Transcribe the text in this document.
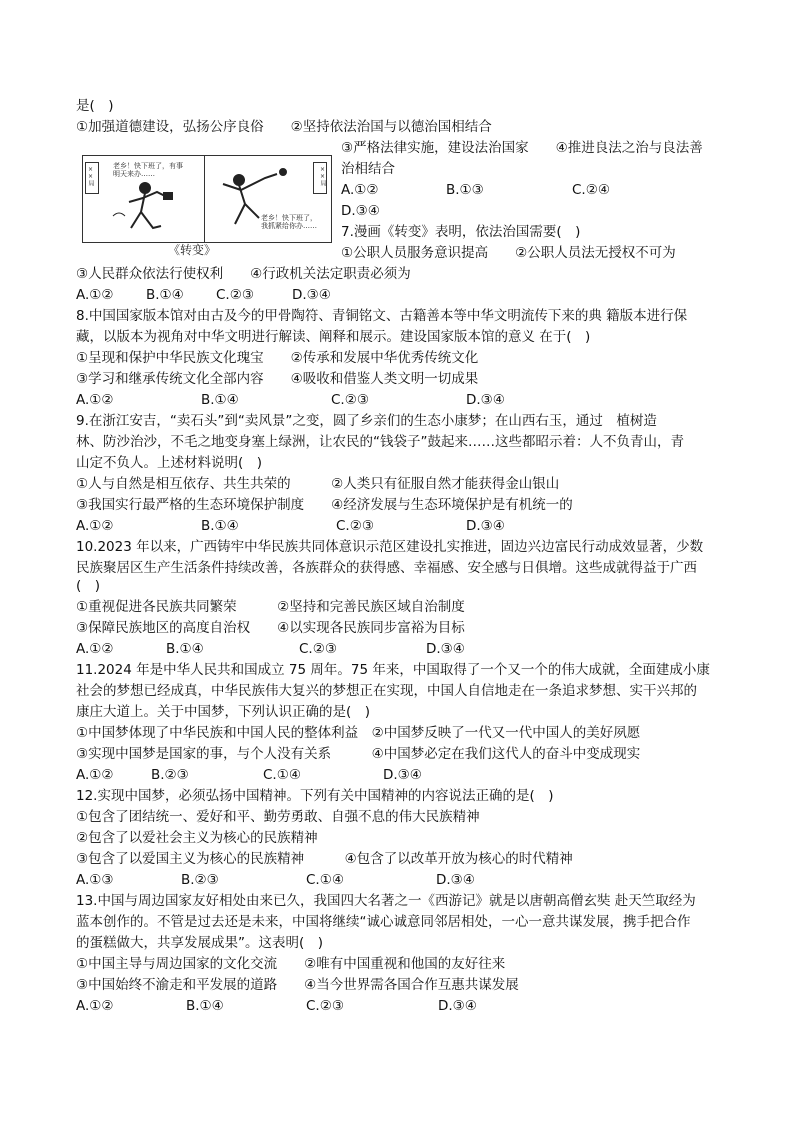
是(　)
①加强道德建设，弘扬公序良俗　　②坚持依法治国与以德治国相结合
③严格法律实施，建设法治国家　　④推进良法之治与良法善
治相结合
A.①②	B.①③	C.②④
D.③④
××局	老乡！快下班了，有事明天来办……	××局
老乡！快下班了，我抓紧给你办……
《转变》
7.漫画《转变》表明，依法治国需要(　)
①公职人员服务意识提高　　②公职人员法无授权不可为
③人民群众依法行使权利　　④行政机关法定职责必须为
A.①② B.①④ C.②③	D.③④
8.中国国家版本馆对由古及今的甲骨陶符、青铜铭文、古籍善本等中华文明流传下来的典 籍版本进行保
藏，以版本为视角对中华文明进行解读、阐释和展示。建设国家版本馆的意义 在于(　)
①呈现和保护中华民族文化瑰宝　　②传承和发展中华优秀传统文化
③学习和继承传统文化全部内容　　④吸收和借鉴人类文明一切成果
A.①②	B.①④	C.②③	D.③④
9.在浙江安吉，“卖石头”到“卖风景”之变，圆了乡亲们的生态小康梦；在山西右玉，通过　植树造
林、防沙治沙，不毛之地变身塞上绿洲，让农民的“钱袋子”鼓起来……这些都昭示着：人不负青山，青
山定不负人。上述材料说明(　)
①人与自然是相互依存、共生共荣的　　　②人类只有征服自然才能获得金山银山
③我国实行最严格的生态环境保护制度　　④经济发展与生态环境保护是有机统一的
A.①②	B.①④	C.②③	D.③④
10.2023 年以来，广西铸牢中华民族共同体意识示范区建设扎实推进，固边兴边富民行动成效显著，少数
民族聚居区生产生活条件持续改善，各族群众的获得感、幸福感、安全感与日俱增。这些成就得益于广西
(　)
①重视促进各民族共同繁荣　　　②坚持和完善民族区域自治制度
③保障民族地区的高度自治权　　④以实现各民族同步富裕为目标
A.①②	B.①④	C.②③	D.③④
11.2024 年是中华人民共和国成立 75 周年。75 年来，中国取得了一个又一个的伟大成就，全面建成小康
社会的梦想已经成真，中华民族伟大复兴的梦想正在实现，中国人自信地走在一条追求梦想、实干兴邦的
康庄大道上。关于中国梦，下列认识正确的是(　)
①中国梦体现了中华民族和中国人民的整体利益　②中国梦反映了一代又一代中国人的美好夙愿
③实现中国梦是国家的事，与个人没有关系　　　④中国梦必定在我们这代人的奋斗中变成现实
A.①②	B.②③	C.①④	D.③④
12.实现中国梦，必须弘扬中国精神。下列有关中国精神的内容说法正确的是(　)
①包含了团结统一、爱好和平、勤劳勇敢、自强不息的伟大民族精神
②包含了以爱社会主义为核心的民族精神
③包含了以爱国主义为核心的民族精神　　　④包含了以改革开放为核心的时代精神
A.①③	B.②③	C.①④	D.③④
13.中国与周边国家友好相处由来已久，我国四大名著之一《西游记》就是以唐朝高僧玄奘 赴天竺取经为
蓝本创作的。不管是过去还是未来，中国将继续“诚心诚意同邻居相处，一心一意共谋发展，携手把合作
的蛋糕做大，共享发展成果”。这表明(　)
①中国主导与周边国家的文化交流　　②唯有中国重视和他国的友好往来
③中国始终不渝走和平发展的道路　　④当今世界需各国合作互惠共谋发展
A.①②	B.①④	C.②③	D.③④
